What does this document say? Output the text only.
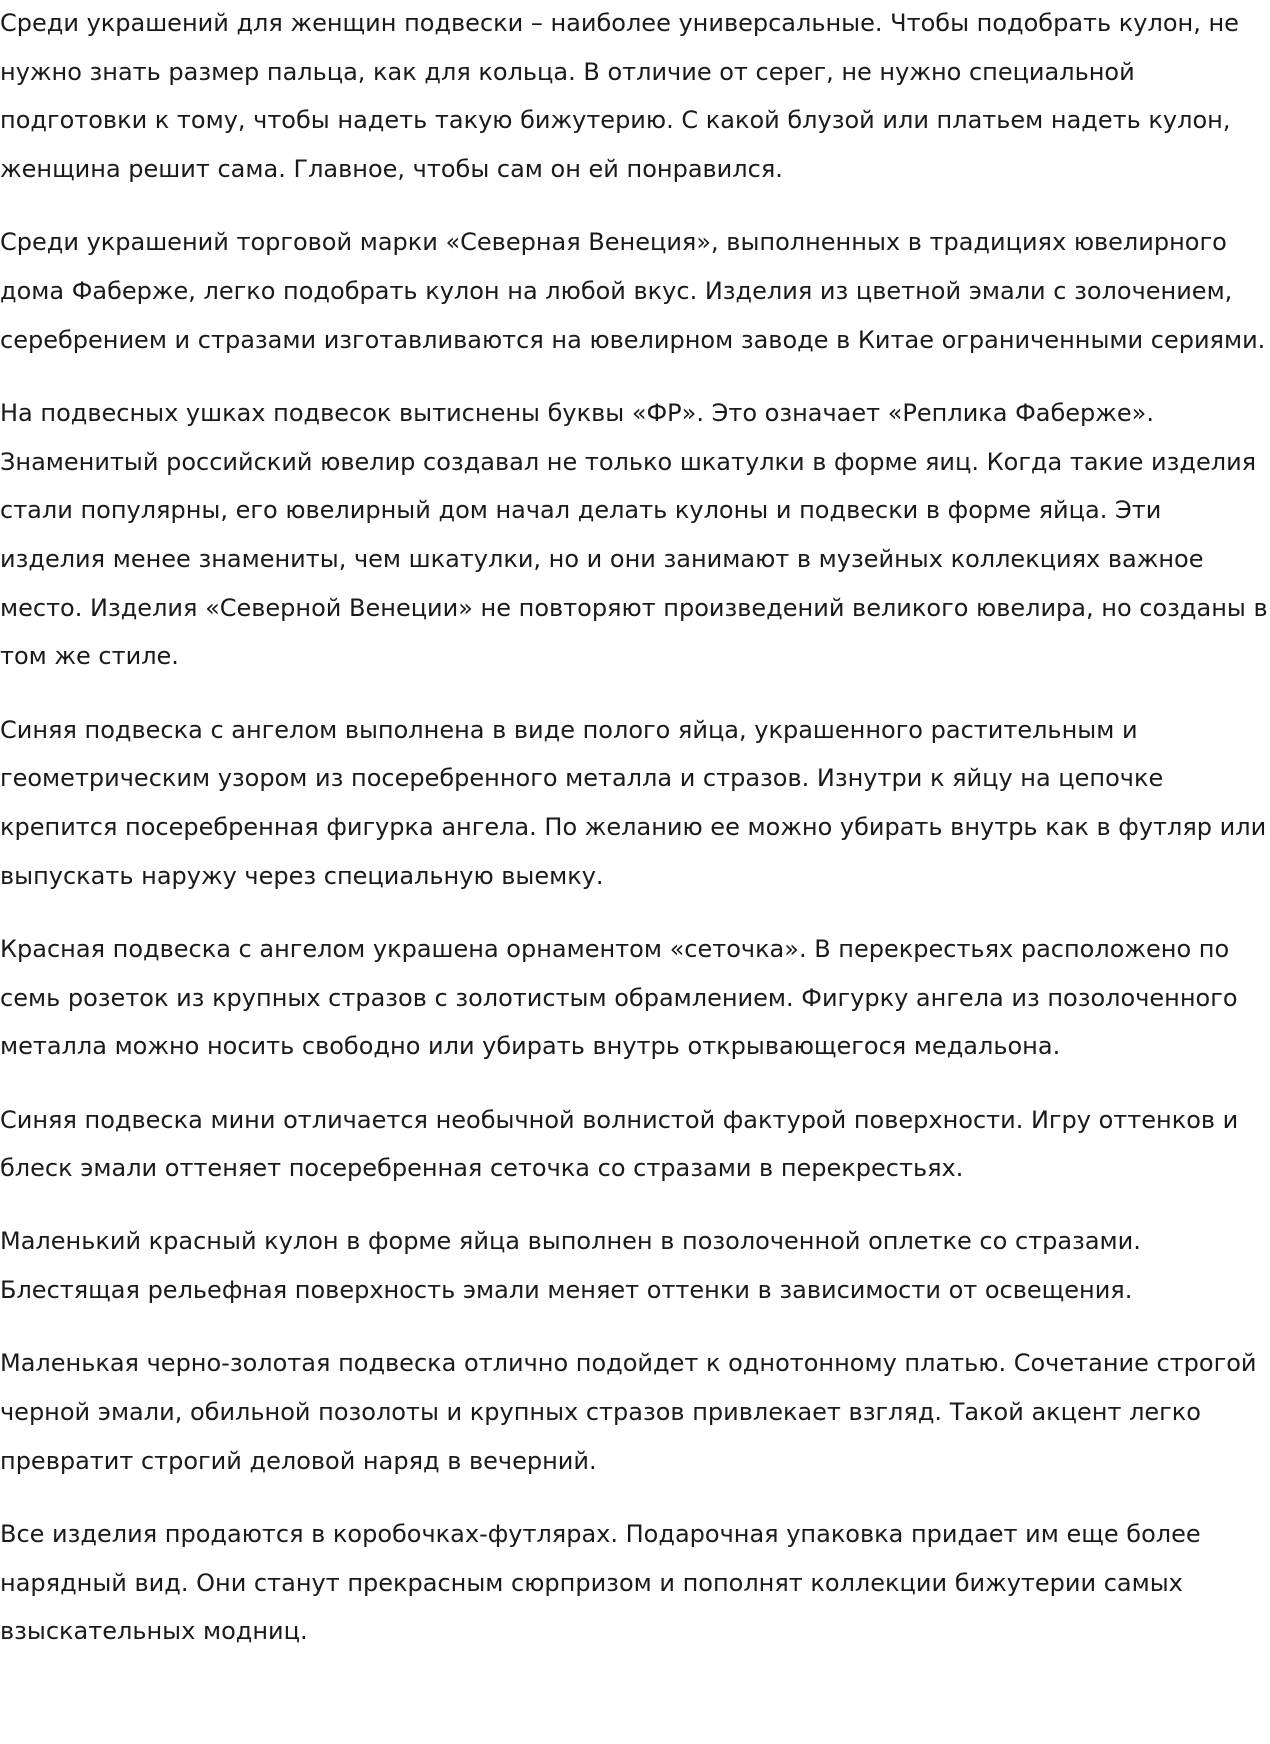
Среди украшений для женщин подвески – наиболее универсальные. Чтобы подобрать кулон, не нужно знать размер пальца, как для кольца. В отличие от серег, не нужно специальной подготовки к тому, чтобы надеть такую бижутерию. С какой блузой или платьем надеть кулон, женщина решит сама. Главное, чтобы сам он ей понравился.

Среди украшений торговой марки «Северная Венеция», выполненных в традициях ювелирного дома Фаберже, легко подобрать кулон на любой вкус. Изделия из цветной эмали с золочением, серебрением и стразами изготавливаются на ювелирном заводе в Китае ограниченными сериями.

На подвесных ушках подвесок вытиснены буквы «ФР». Это означает «Реплика Фаберже». Знаменитый российский ювелир создавал не только шкатулки в форме яиц. Когда такие изделия стали популярны, его ювелирный дом начал делать кулоны и подвески в форме яйца. Эти изделия менее знамениты, чем шкатулки, но и они занимают в музейных коллекциях важное место. Изделия «Северной Венеции» не повторяют произведений великого ювелира, но созданы в том же стиле.

Синяя подвеска с ангелом выполнена в виде полого яйца, украшенного растительным и геометрическим узором из посеребренного металла и стразов. Изнутри к яйцу на цепочке крепится посеребренная фигурка ангела. По желанию ее можно убирать внутрь как в футляр или выпускать наружу через специальную выемку.

Красная подвеска с ангелом украшена орнаментом «сеточка». В перекрестьях расположено по семь розеток из крупных стразов с золотистым обрамлением. Фигурку ангела из позолоченного металла можно носить свободно или убирать внутрь открывающегося медальона.

Синяя подвеска мини отличается необычной волнистой фактурой поверхности. Игру оттенков и блеск эмали оттеняет посеребренная сеточка со стразами в перекрестьях.

Маленький красный кулон в форме яйца выполнен в позолоченной оплетке со стразами. Блестящая рельефная поверхность эмали меняет оттенки в зависимости от освещения.

Маленькая черно-золотая подвеска отлично подойдет к однотонному платью. Сочетание строгой черной эмали, обильной позолоты и крупных стразов привлекает взгляд. Такой акцент легко превратит строгий деловой наряд в вечерний.

Все изделия продаются в коробочках-футлярах. Подарочная упаковка придает им еще более нарядный вид. Они станут прекрасным сюрпризом и пополнят коллекции бижутерии самых взыскательных модниц.
